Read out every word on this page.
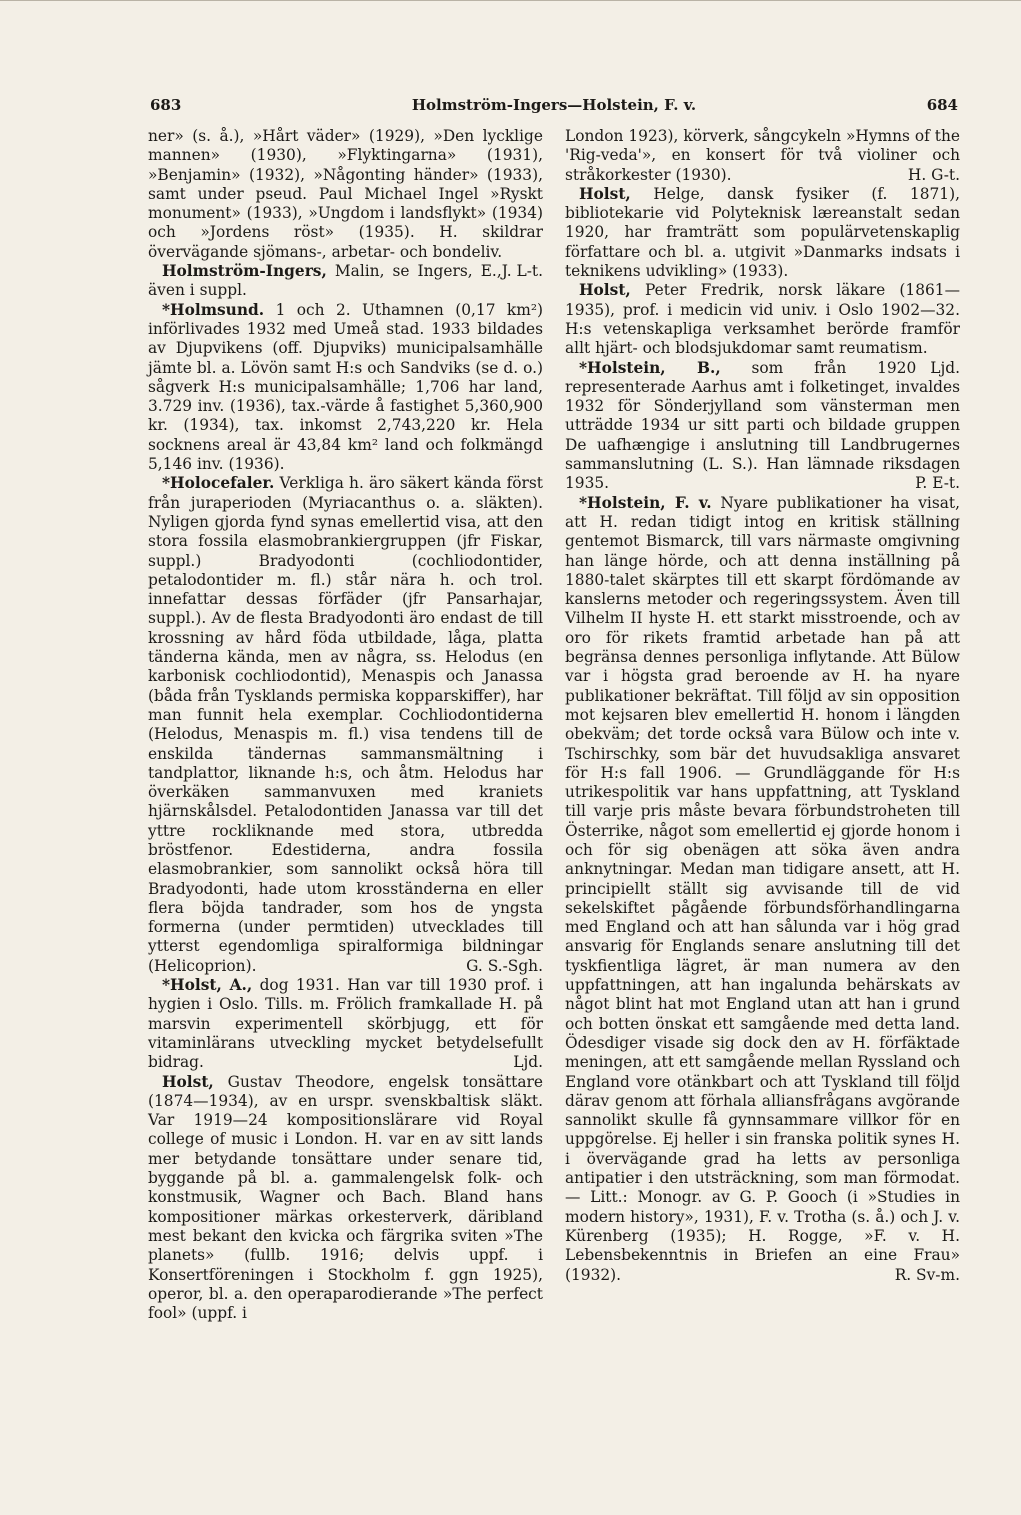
683	Holmström-Ingers—Holstein, F. v.	684

ner» (s. å.), »Hårt väder» (1929), »Den lycklige mannen» (1930), »Flyktingarna» (1931), »Benjamin» (1932), »Någonting händer» (1933), samt under pseud. Paul Michael Ingel »Ryskt monument» (1933), »Ungdom i landsflykt» (1934) och »Jordens röst» (1935). H. skildrar övervägande sjömans-, arbetar- och bondeliv.
J. L-t.

Holmström-Ingers, Malin, se Ingers, E., även i suppl.

*Holmsund. 1 och 2. Uthamnen (0,17 km²) införlivades 1932 med Umeå stad. 1933 bildades av Djupvikens (off. Djupviks) municipalsamhälle jämte bl. a. Lövön samt H:s och Sandviks (se d. o.) sågverk H:s municipalsamhälle; 1,706 har land, 3.729 inv. (1936), tax.-värde å fastighet 5,360,900 kr. (1934), tax. inkomst 2,743,220 kr. Hela socknens areal är 43,84 km² land och folkmängd 5,146 inv. (1936).

*Holocefaler. Verkliga h. äro säkert kända först från juraperioden (Myriacanthus o. a. släkten). Nyligen gjorda fynd synas emellertid visa, att den stora fossila elasmobrankiergruppen (jfr Fiskar, suppl.) Bradyodonti (cochliodontider, petalodontider m. fl.) står nära h. och trol. innefattar dessas förfäder (jfr Pansarhajar, suppl.). Av de flesta Bradyodonti äro endast de till krossning av hård föda utbildade, låga, platta tänderna kända, men av några, ss. Helodus (en karbonisk cochliodontid), Menaspis och Janassa (båda från Tysklands permiska kopparskiffer), har man funnit hela exemplar. Cochliodontiderna (Helodus, Menaspis m. fl.) visa tendens till de enskilda tändernas sammansmältning i tandplattor, liknande h:s, och åtm. Helodus har överkäken sammanvuxen med kraniets hjärnskålsdel. Petalodontiden Janassa var till det yttre rockliknande med stora, utbredda bröstfenor. Edestiderna, andra fossila elasmobrankier, som sannolikt också höra till Bradyodonti, hade utom krosständerna en eller flera böjda tandrader, som hos de yngsta formerna (under permtiden) utvecklades till ytterst egendomliga spiralformiga bildningar (Helicoprion).	G. S.-Sgh.

*Holst, A., dog 1931. Han var till 1930 prof. i hygien i Oslo. Tills. m. Frölich framkallade H. på marsvin experimentell skörbjugg, ett för vitaminlärans utveckling mycket betydelsefullt bidrag.	Ljd.

Holst, Gustav Theodore, engelsk tonsättare (1874—1934), av en urspr. svenskbaltisk släkt. Var 1919—24 kompositionslärare vid Royal college of music i London. H. var en av sitt lands mer betydande tonsättare under senare tid, byggande på bl. a. gammalengelsk folk- och konstmusik, Wagner och Bach. Bland hans kompositioner märkas orkesterverk, däribland mest bekant den kvicka och färgrika sviten »The planets» (fullb. 1916; delvis uppf. i Konsertföreningen i Stockholm f. ggn 1925), operor, bl. a. den operaparodierande »The perfect fool» (uppf. i

London 1923), körverk, sångcykeln »Hymns of the 'Rig-veda'», en konsert för två violiner och stråkorkester (1930).	H. G-t.

Holst, Helge, dansk fysiker (f. 1871), bibliotekarie vid Polyteknisk læreanstalt sedan 1920, har framträtt som populärvetenskaplig författare och bl. a. utgivit »Danmarks indsats i teknikens udvikling» (1933).

Holst, Peter Fredrik, norsk läkare (1861—1935), prof. i medicin vid univ. i Oslo 1902—32. H:s vetenskapliga verksamhet berörde framför allt hjärt- och blodsjukdomar samt reumatism.
Ljd.

*Holstein, B., som från 1920 representerade Aarhus amt i folketinget, invaldes 1932 för Sönderjylland som vänsterman men utträdde 1934 ur sitt parti och bildade gruppen De uafhængige i anslutning till Landbrugernes sammanslutning (L. S.). Han lämnade riksdagen 1935.	P. E-t.

*Holstein, F. v. Nyare publikationer ha visat, att H. redan tidigt intog en kritisk ställning gentemot Bismarck, till vars närmaste omgivning han länge hörde, och att denna inställning på 1880-talet skärptes till ett skarpt fördömande av kanslerns metoder och regeringssystem. Även till Vilhelm II hyste H. ett starkt misstroende, och av oro för rikets framtid arbetade han på att begränsa dennes personliga inflytande. Att Bülow var i högsta grad beroende av H. ha nyare publikationer bekräftat. Till följd av sin opposition mot kejsaren blev emellertid H. honom i längden obekväm; det torde också vara Bülow och inte v. Tschirschky, som bär det huvudsakliga ansvaret för H:s fall 1906. — Grundläggande för H:s utrikespolitik var hans uppfattning, att Tyskland till varje pris måste bevara förbundstroheten till Österrike, något som emellertid ej gjorde honom i och för sig obenägen att söka även andra anknytningar. Medan man tidigare ansett, att H. principiellt ställt sig avvisande till de vid sekelskiftet pågående förbundsförhandlingarna med England och att han sålunda var i hög grad ansvarig för Englands senare anslutning till det tyskfientliga lägret, är man numera av den uppfattningen, att han ingalunda behärskats av något blint hat mot England utan att han i grund och botten önskat ett samgående med detta land. Ödesdiger visade sig dock den av H. förfäktade meningen, att ett samgående mellan Ryssland och England vore otänkbart och att Tyskland till följd därav genom att förhala alliansfrågans avgörande sannolikt skulle få gynnsammare villkor för en uppgörelse. Ej heller i sin franska politik synes H. i övervägande grad ha letts av personliga antipatier i den utsträckning, som man förmodat. — Litt.: Monogr. av G. P. Gooch (i »Studies in modern history», 1931), F. v. Trotha (s. å.) och J. v. Kürenberg (1935); H. Rogge, »F. v. H. Lebensbekenntnis in Briefen an eine Frau» (1932).	R. Sv-m.
